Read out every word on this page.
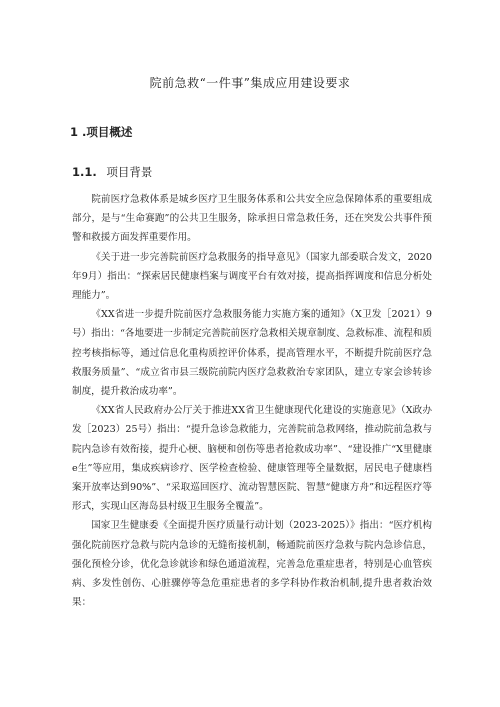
院前急救“一件事”集成应用建设要求
1 .项目概述
1.1. 项目背景

院前医疗急救体系是城乡医疗卫生服务体系和公共安全应急保障体系的重要组成部分，是与“生命赛跑”的公共卫生服务，除承担日常急救任务，还在突发公共事件预警和救援方面发挥重要作用。

《关于进一步完善院前医疗急救服务的指导意见》（国家九部委联合发文，2020年9月）指出：“探索居民健康档案与调度平台有效对接，提高指挥调度和信息分析处理能力”。

《XX省进一步提升院前医疗急救服务能力实施方案的通知》（X卫发［2021）9号）指出：“各地要进一步制定完善院前医疗急救相关规章制度、急救标准、流程和质控考核指标等，通过信息化重构质控评价体系，提高管理水平，不断提升院前医疗急救服务质量”、“成立省市县三级院前院内医疗急救救治专家团队，建立专家会诊转诊制度，提升救治成功率”。

《XX省人民政府办公厅关于推进XX省卫生健康现代化建设的实施意见》（X政办发［2023）25号）指出：“提升急诊急救能力，完善院前急救网络，推动院前急救与院内急诊有效衔接，提升心梗、脑梗和创伤等患者抢救成功率”、“建设推广“X里健康e生”等应用，集成疾病诊疗、医学检查检验、健康管理等全量数据，居民电子健康档案开放率达到90%”、“采取巡回医疗、流动智慧医院、智慧“健康方舟”和远程医疗等形式，实现山区海岛县村级卫生服务全覆盖”。

国家卫生健康委《全面提升医疗质量行动计划（2023-2025）》指出：“医疗机构强化院前医疗急救与院内急诊的无缝衔接机制，畅通院前医疗急救与院内急诊信息，强化预检分诊，优化急诊就诊和绿色通道流程，完善急危重症患者，特别是心血管疾病、多发性创伤、心脏骤停等急危重症患者的多学科协作救治机制,提升患者救治效果：
